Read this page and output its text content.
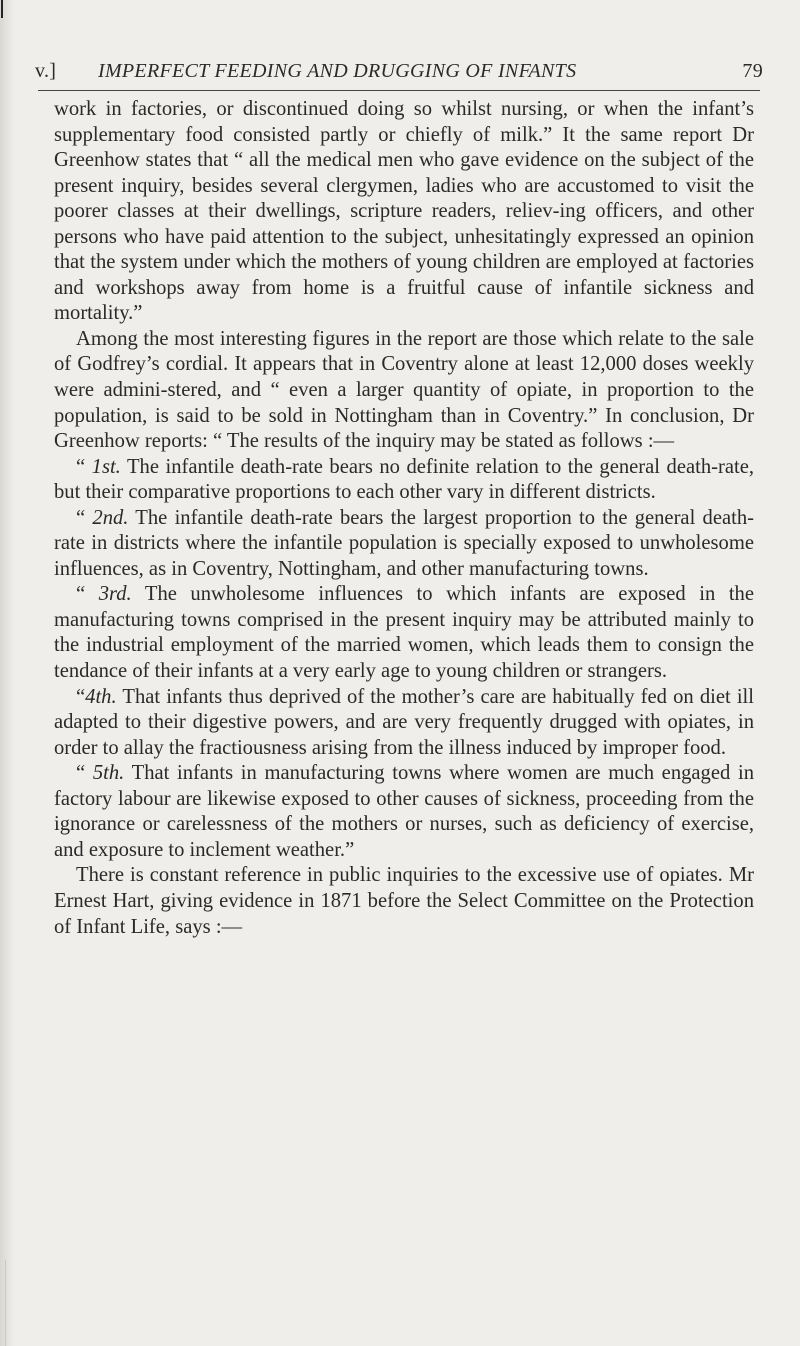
v.] IMPERFECT FEEDING AND DRUGGING OF INFANTS	79

work in factories, or discontinued doing so whilst nursing, or when the infant’s supplementary food consisted partly or chiefly of milk.” It the same report Dr Greenhow states that “ all the medical men who gave evidence on the subject of the present inquiry, besides several clergymen, ladies who are accustomed to visit the poorer classes at their dwellings, scripture readers, reliev-ing officers, and other persons who have paid attention to the subject, unhesitatingly expressed an opinion that the system under which the mothers of young children are employed at factories and workshops away from home is a fruitful cause of infantile sickness and mortality.”

Among the most interesting figures in the report are those which relate to the sale of Godfrey’s cordial. It appears that in Coventry alone at least 12,000 doses weekly were admini-stered, and “ even a larger quantity of opiate, in proportion to the population, is said to be sold in Nottingham than in Coventry.” In conclusion, Dr Greenhow reports: “ The results of the inquiry may be stated as follows :—

“ 1st. The infantile death-rate bears no definite relation to the general death-rate, but their comparative proportions to each other vary in different districts.

“ 2nd. The infantile death-rate bears the largest proportion to the general death-rate in districts where the infantile population is specially exposed to unwholesome influences, as in Coventry, Nottingham, and other manufacturing towns.

“ 3rd. The unwholesome influences to which infants are exposed in the manufacturing towns comprised in the present inquiry may be attributed mainly to the industrial employment of the married women, which leads them to consign the tendance of their infants at a very early age to young children or strangers.

“4th. That infants thus deprived of the mother’s care are habitually fed on diet ill adapted to their digestive powers, and are very frequently drugged with opiates, in order to allay the fractiousness arising from the illness induced by improper food.

“ 5th. That infants in manufacturing towns where women are much engaged in factory labour are likewise exposed to other causes of sickness, proceeding from the ignorance or carelessness of the mothers or nurses, such as deficiency of exercise, and exposure to inclement weather.”

There is constant reference in public inquiries to the excessive use of opiates. Mr Ernest Hart, giving evidence in 1871 before the Select Committee on the Protection of Infant Life, says :—
